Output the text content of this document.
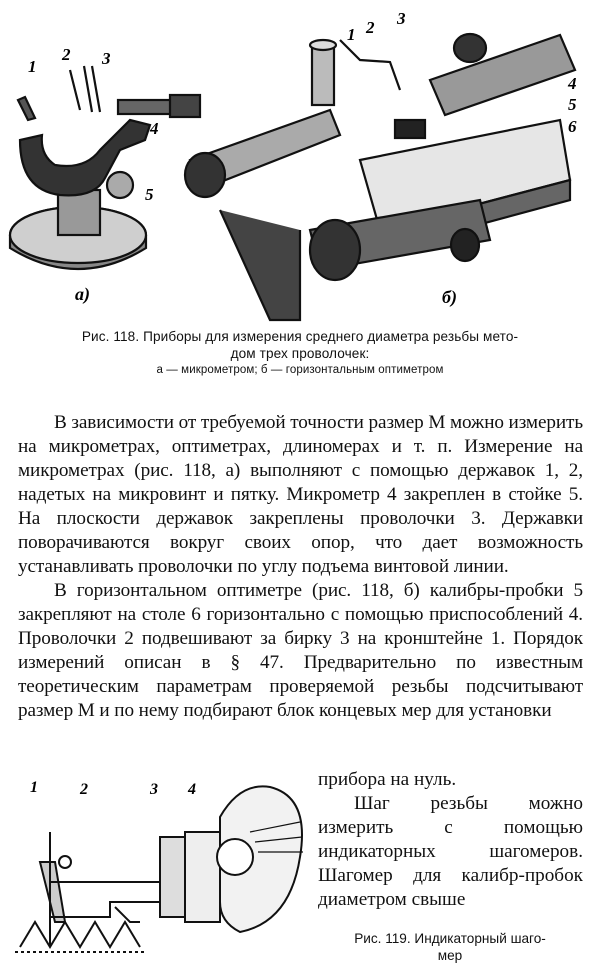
1
2 3
4
5
а)
1 2 3
4
5
6
б)
Рис. 118. Приборы для измерения среднего диаметра резьбы мето-
дом трех проволочек:
а — микрометром; б — горизонтальным оптиметром

В зависимости от требуемой точности размер М можно измерить на микрометрах, оптиметрах, длиномерах и т. п. Измерение на микрометрах (рис. 118, а) выполняют с помощью державок 1, 2, надетых на микровинт и пятку. Микрометр 4 закреплен в стойке 5. На плоскости державок закреплены проволочки 3. Державки поворачиваются вокруг своих опор, что дает возможность устанавливать проволочки по углу подъема винтовой линии.

В горизонтальном оптиметре (рис. 118, б) калибры-пробки 5 закрепляют на столе 6 горизонтально с помощью приспособлений 4. Проволочки 2 подвешивают за бирку 3 на кронштейне 1. Порядок измерений описан в § 47. Предварительно по известным теоретическим параметрам проверяемой резьбы подсчитывают размер М и по нему подбирают блок концевых мер для установки

прибора на нуль.

Шаг резьбы можно измерить с помощью индикаторных шагомеров. Шагомер для калибр-пробок диаметром свыше

1	2	3 4
Рис. 119. Индикаторный шаго-
мер
